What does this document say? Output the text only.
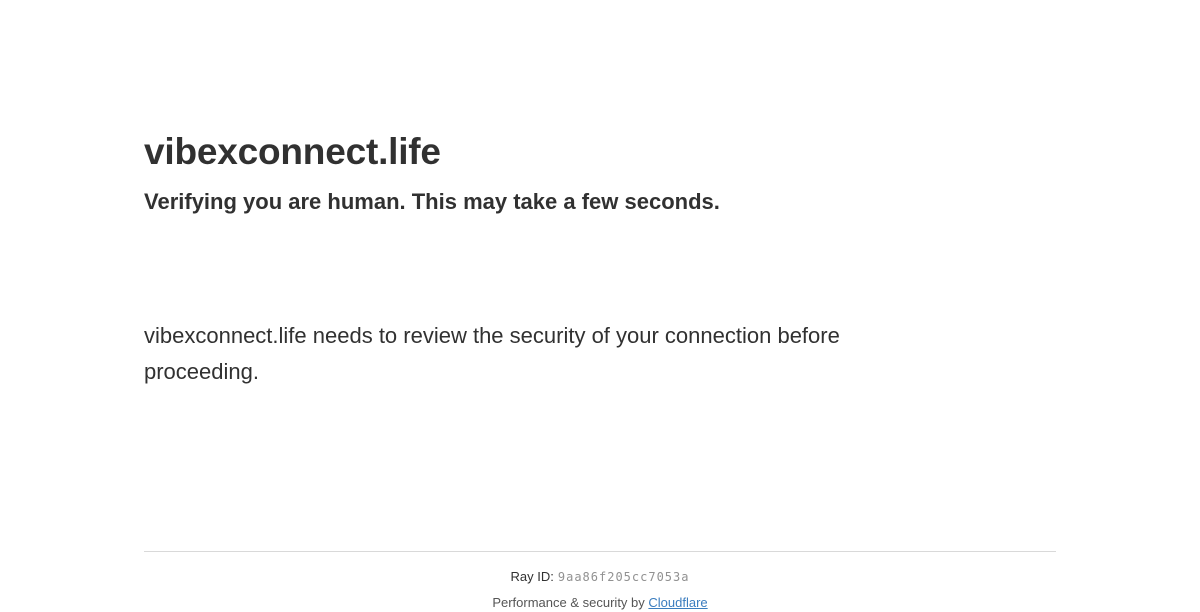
vibexconnect.life
Verifying you are human. This may take a few seconds.
vibexconnect.life needs to review the security of your connection before
proceeding.
Ray ID: 9aa86f205cc7053a
Performance & security by Cloudflare
